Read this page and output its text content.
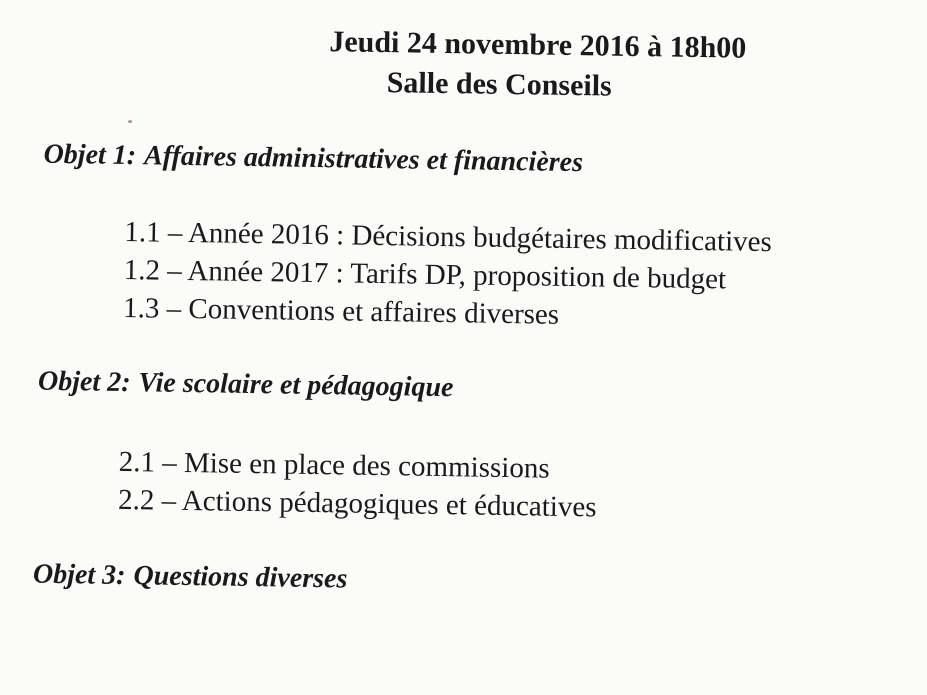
Jeudi 24 novembre 2016 à 18h00
Salle des Conseils
Objet 1: Affaires administratives et financières
1.1 – Année 2016 : Décisions budgétaires modificatives
1.2 – Année 2017 : Tarifs DP, proposition de budget
1.3 – Conventions et affaires diverses
Objet 2: Vie scolaire et pédagogique
2.1 – Mise en place des commissions
2.2 – Actions pédagogiques et éducatives
Objet 3: Questions diverses
